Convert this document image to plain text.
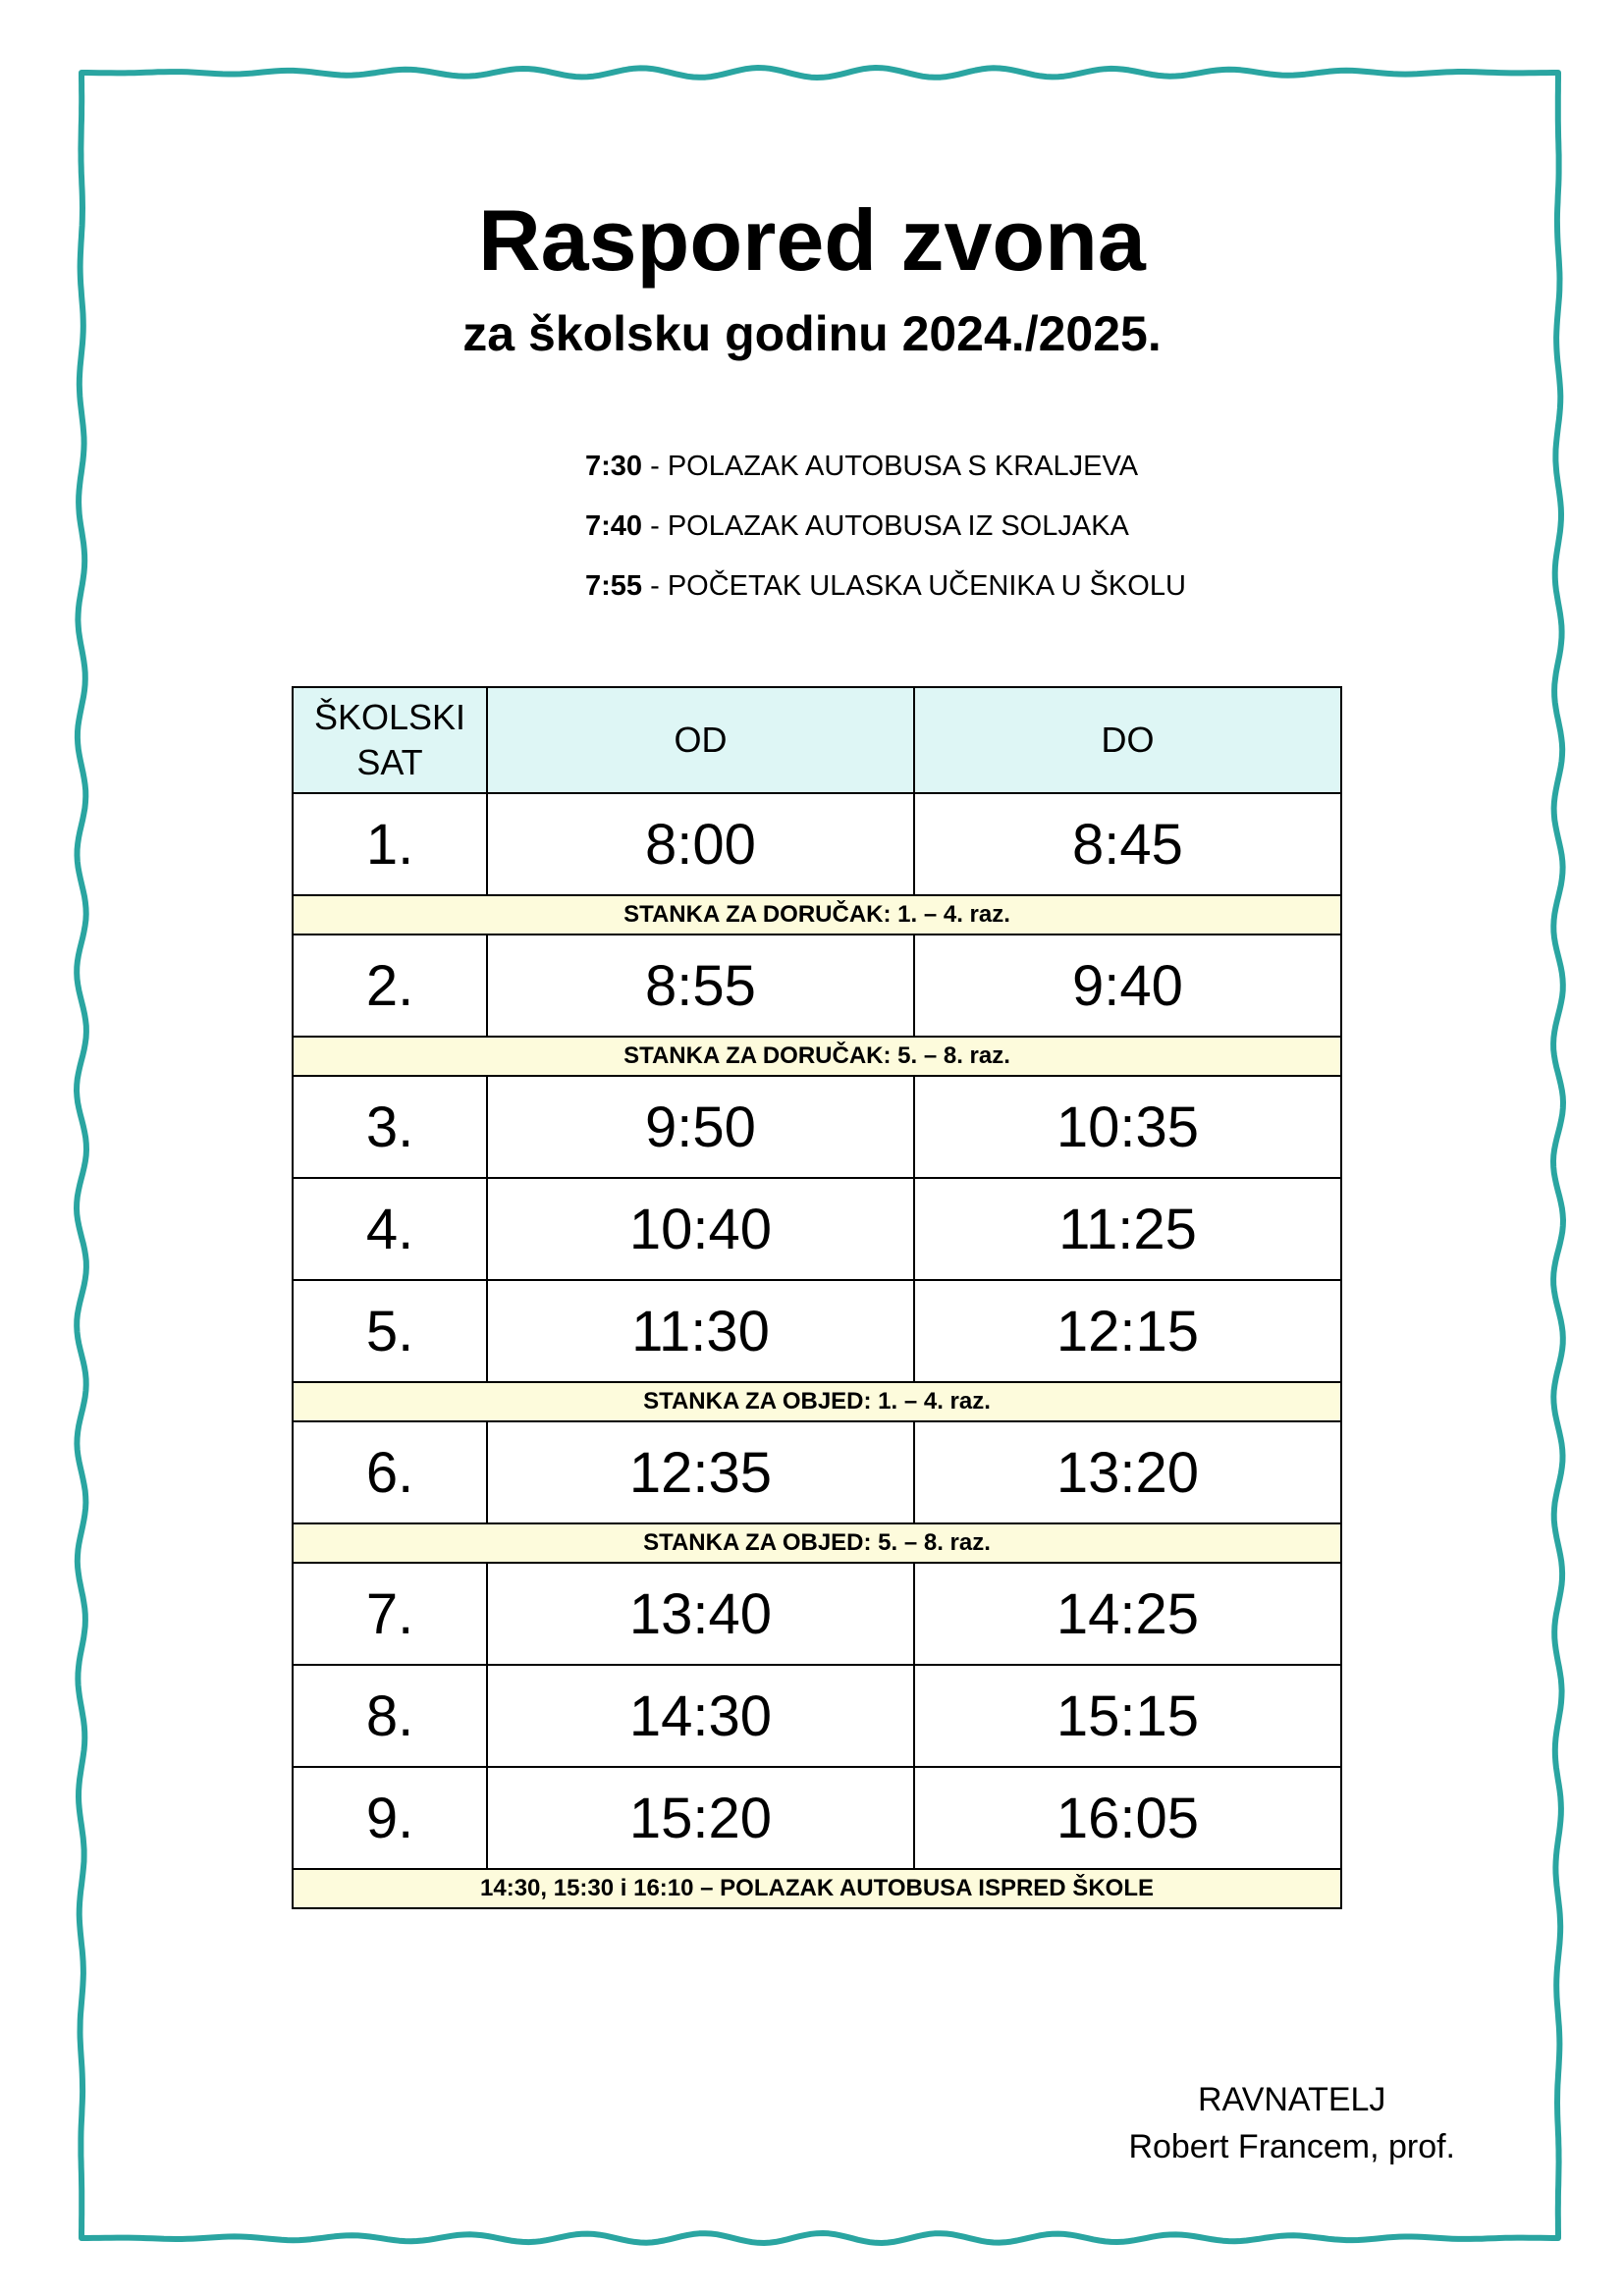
Raspored zvona
za školsku godinu 2024./2025.
7:30 - POLAZAK AUTOBUSA S KRALJEVA
7:40 - POLAZAK AUTOBUSA IZ SOLJAKA
7:55 - POČETAK ULASKA UČENIKA U ŠKOLU
ŠKOLSKI
SAT	OD	DO
1.	8:00	8:45
STANKA ZA DORUČAK: 1. – 4. raz.		
2.	8:55	9:40
STANKA ZA DORUČAK: 5. – 8. raz.		
3.	9:50	10:35
4.	10:40	11:25
5.	11:30	12:15
STANKA ZA OBJED: 1. – 4. raz.		
6.	12:35	13:20
STANKA ZA OBJED: 5. – 8. raz.		
7.	13:40	14:25
8.	14:30	15:15
9.	15:20	16:05
14:30, 15:30 i 16:10 – POLAZAK AUTOBUSA ISPRED ŠKOLE		
RAVNATELJ
Robert Francem, prof.
